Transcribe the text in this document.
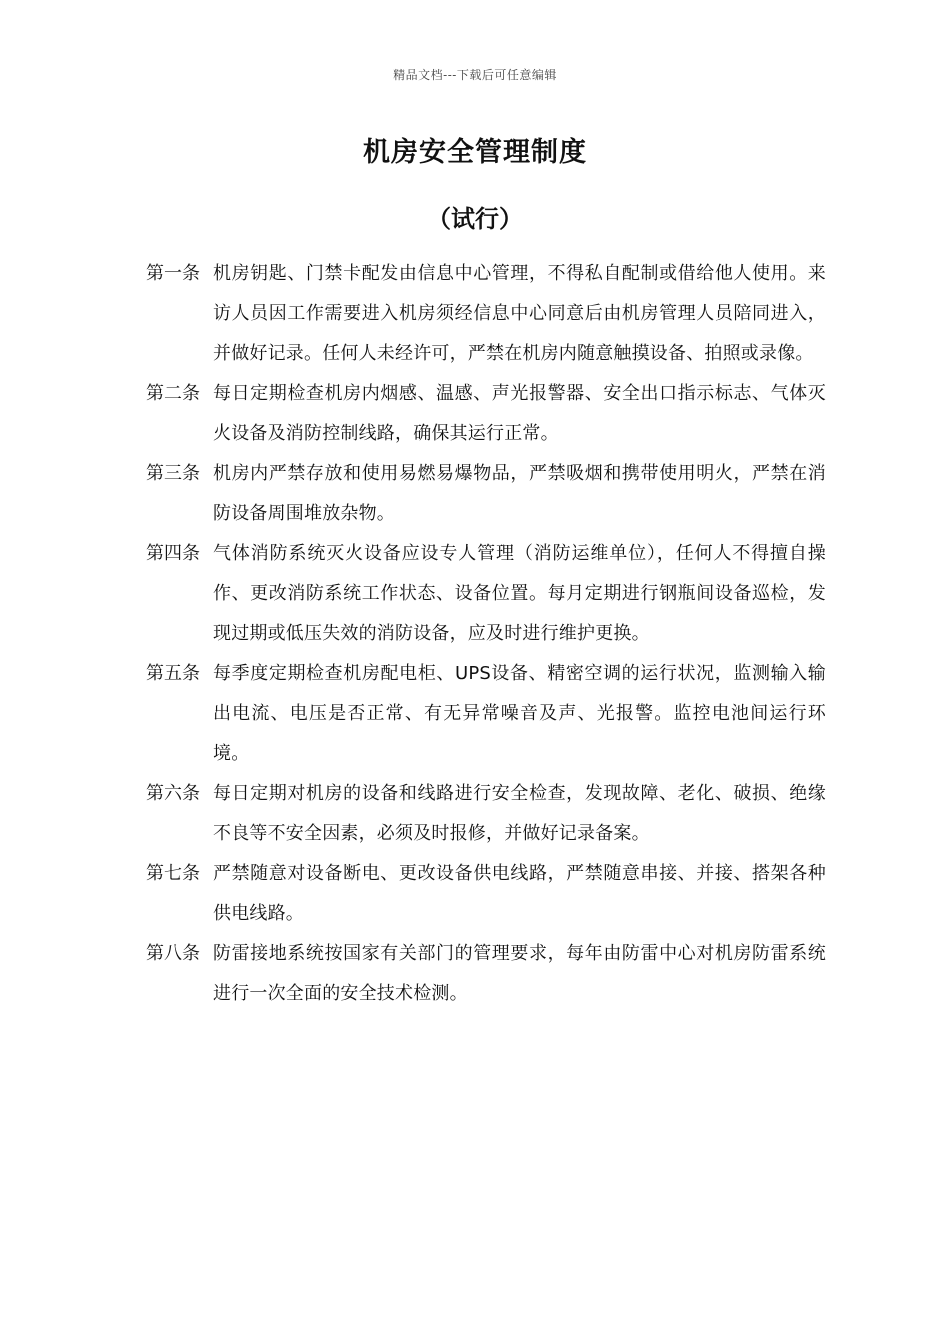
精品文档---下载后可任意编辑
机房安全管理制度
（试行）
第一条 机房钥匙、门禁卡配发由信息中心管理，不得私自配制或借给他人使用。来访人员因工作需要进入机房须经信息中心同意后由机房管理人员陪同进入，并做好记录。任何人未经许可，严禁在机房内随意触摸设备、拍照或录像。
第二条 每日定期检查机房内烟感、温感、声光报警器、安全出口指示标志、气体灭火设备及消防控制线路，确保其运行正常。
第三条 机房内严禁存放和使用易燃易爆物品，严禁吸烟和携带使用明火，严禁在消防设备周围堆放杂物。
第四条 气体消防系统灭火设备应设专人管理（消防运维单位），任何人不得擅自操作、更改消防系统工作状态、设备位置。每月定期进行钢瓶间设备巡检，发现过期或低压失效的消防设备，应及时进行维护更换。
第五条 每季度定期检查机房配电柜、UPS设备、精密空调的运行状况，监测输入输出电流、电压是否正常、有无异常噪音及声、光报警。监控电池间运行环境。
第六条 每日定期对机房的设备和线路进行安全检查，发现故障、老化、破损、绝缘不良等不安全因素，必须及时报修，并做好记录备案。
第七条 严禁随意对设备断电、更改设备供电线路，严禁随意串接、并接、搭架各种供电线路。
第八条 防雷接地系统按国家有关部门的管理要求，每年由防雷中心对机房防雷系统进行一次全面的安全技术检测。
